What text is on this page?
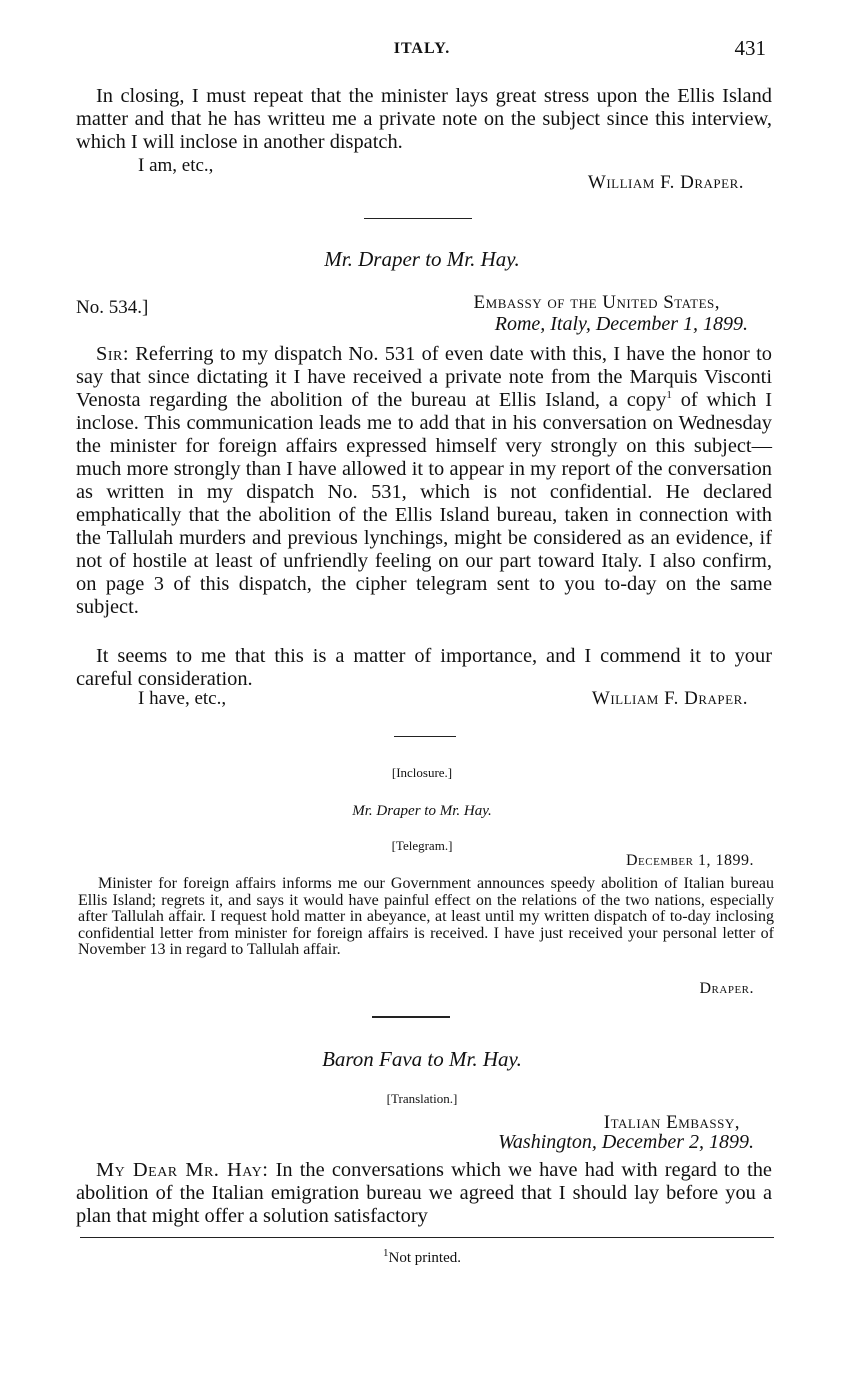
ITALY.	431

In closing, I must repeat that the minister lays great stress upon the Ellis Island matter and that he has writteu me a private note on the subject since this interview, which I will inclose in another dispatch.

I am, etc.,
William F. Draper.
Mr. Draper to Mr. Hay.
No. 534.]	Embassy of the United States,
Rome, Italy, December 1, 1899.

Sir: Referring to my dispatch No. 531 of even date with this, I have the honor to say that since dictating it I have received a private note from the Marquis Visconti Venosta regarding the abolition of the bureau at Ellis Island, a copy$^1$ of which I inclose. This communication leads me to add that in his conversation on Wednesday the minister for foreign affairs expressed himself very strongly on this subject—much more strongly than I have allowed it to appear in my report of the conversation as written in my dispatch No. 531, which is not confidential. He declared emphatically that the abolition of the Ellis Island bureau, taken in connection with the Tallulah murders and previous lynchings, might be considered as an evidence, if not of hostile at least of unfriendly feeling on our part toward Italy. I also confirm, on page 3 of this dispatch, the cipher telegram sent to you to-day on the same subject.

It seems to me that this is a matter of importance, and I commend it to your careful consideration.

I have, etc.,	William F. Draper.
[Inclosure.]
Mr. Draper to Mr. Hay.
[Telegram.]
December 1, 1899.

Minister for foreign affairs informs me our Government announces speedy abolition of Italian bureau Ellis Island; regrets it, and says it would have painful effect on the relations of the two nations, especially after Tallulah affair. I request hold matter in abeyance, at least until my written dispatch of to-day inclosing confidential letter from minister for foreign affairs is received. I have just received your personal letter of November 13 in regard to Tallulah affair.

Draper.
Baron Fava to Mr. Hay.
[Translation.]
Italian Embassy,
Washington, December 2, 1899.

My Dear Mr. Hay: In the conversations which we have had with regard to the abolition of the Italian emigration bureau we agreed that I should lay before you a plan that might offer a solution satisfactory

$^1$Not printed.
